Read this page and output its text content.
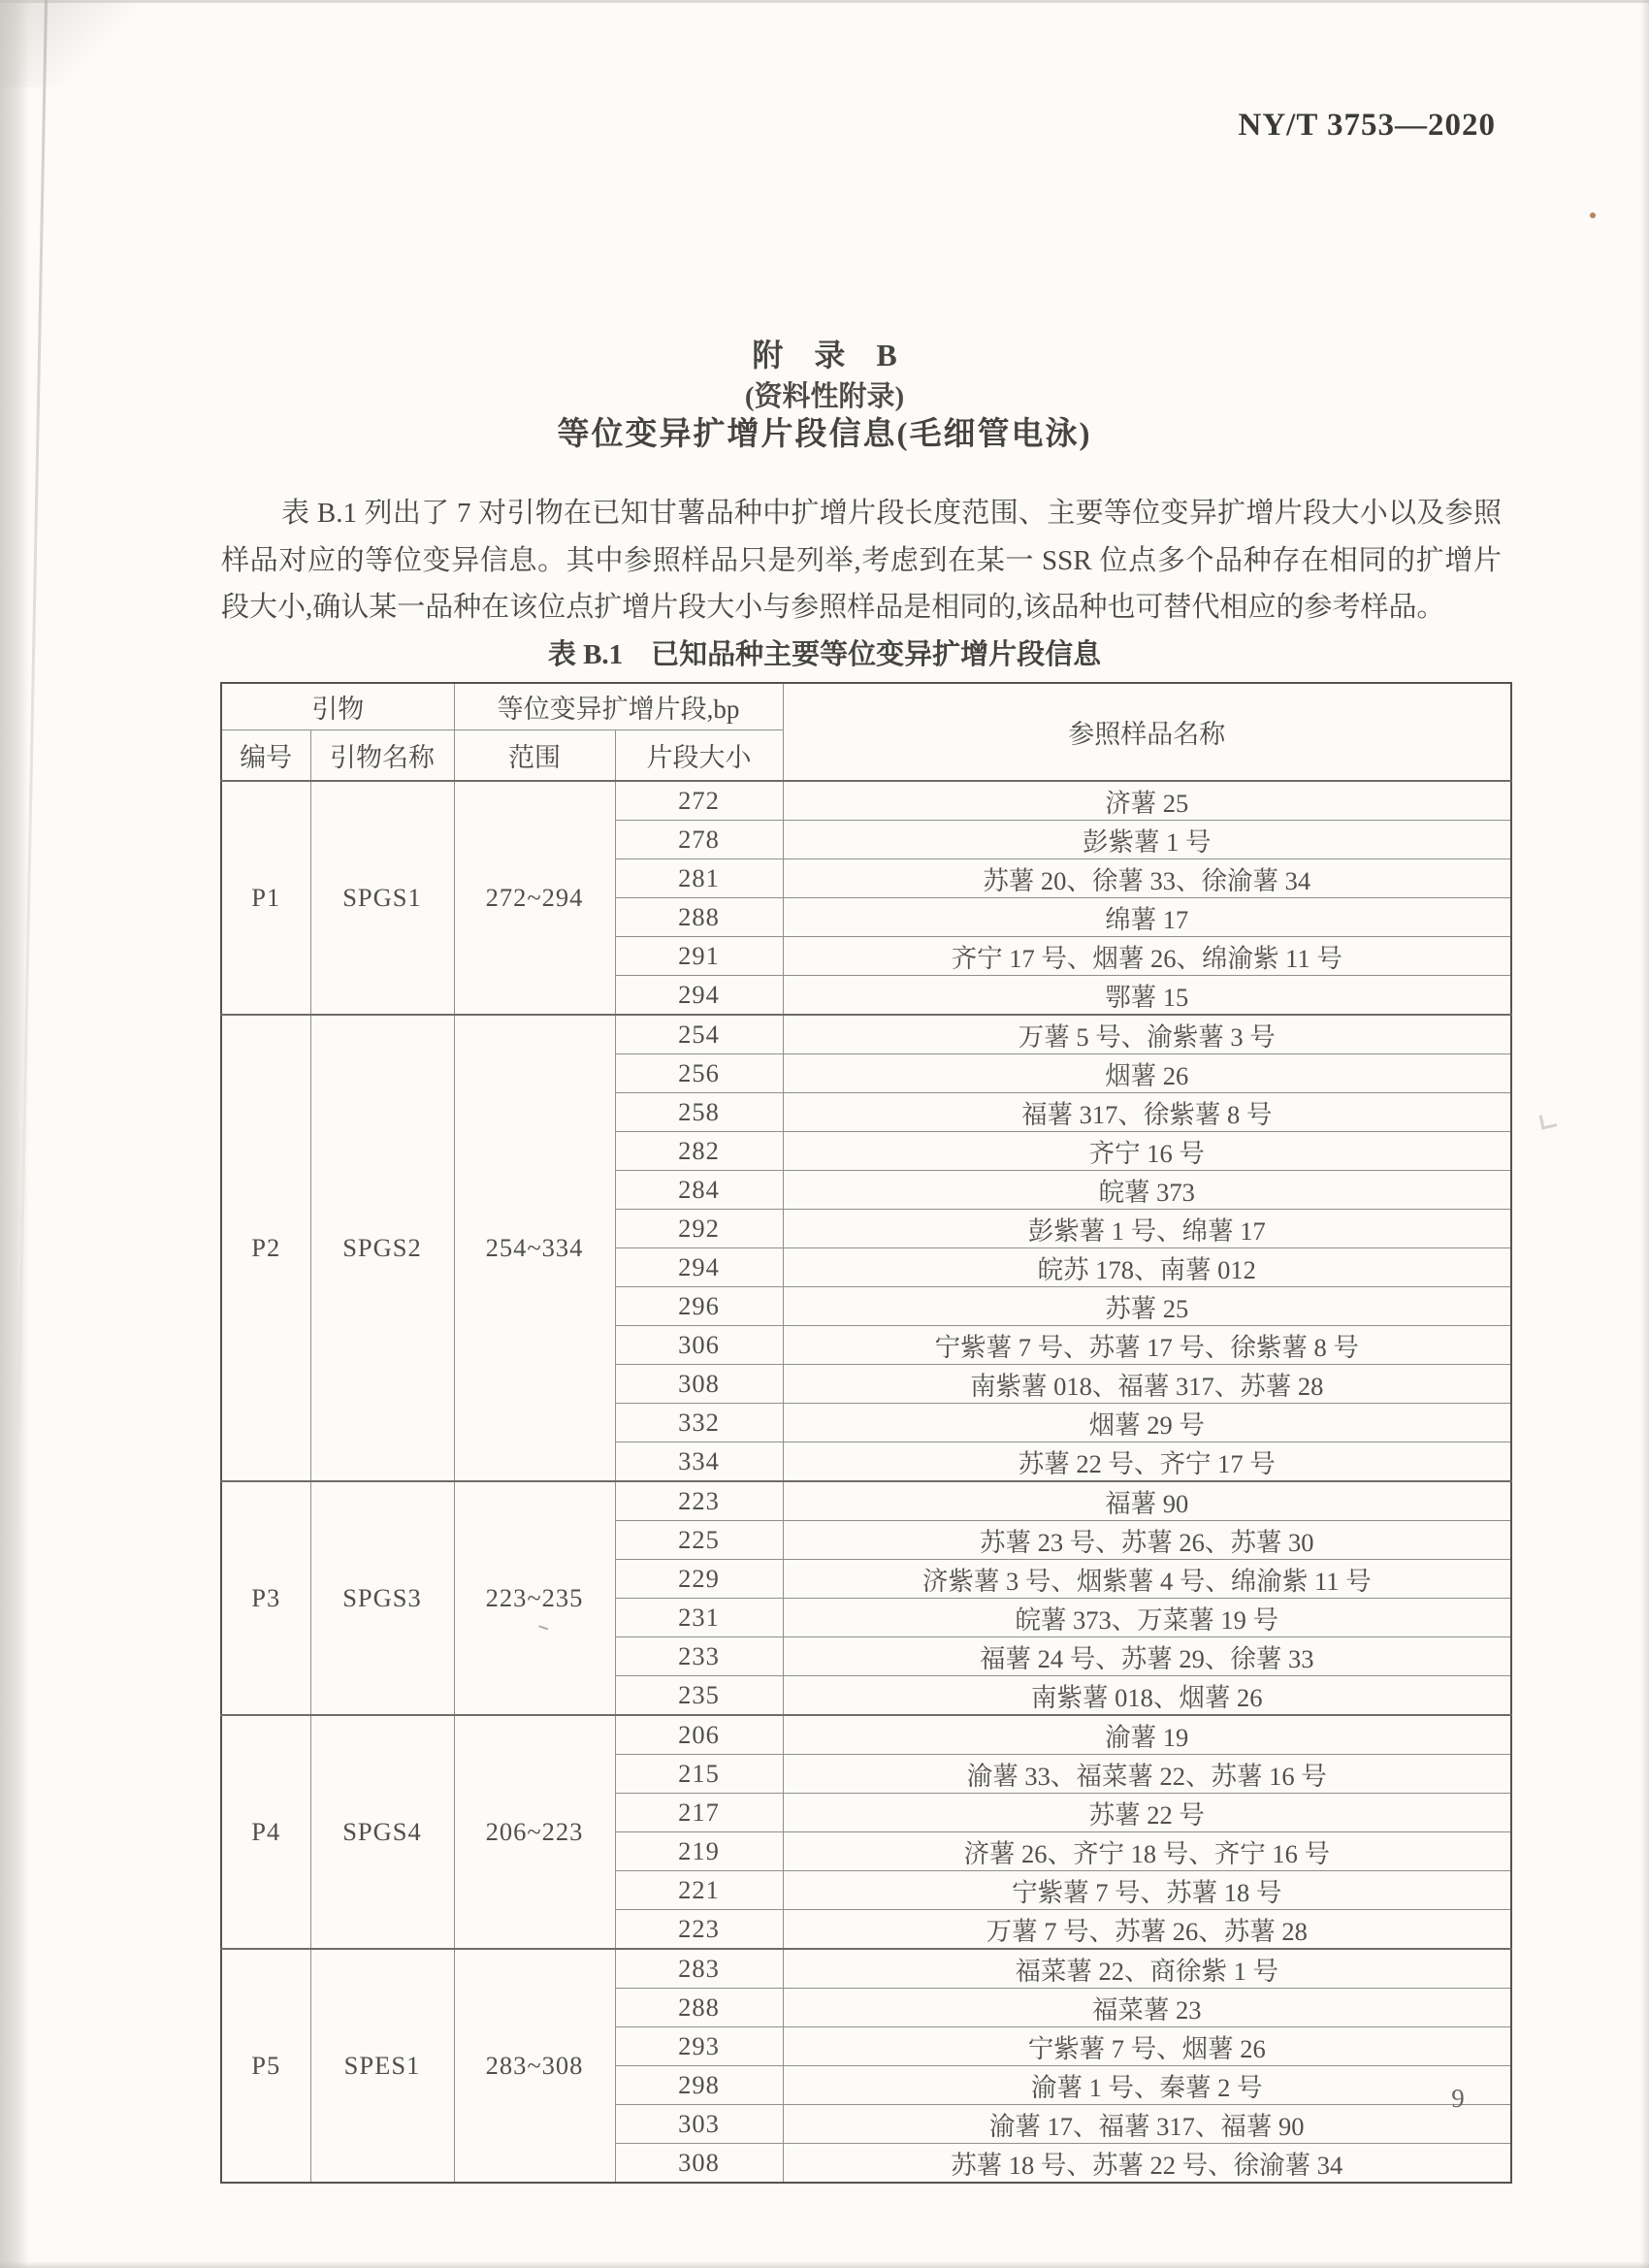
NY/T 3753—2020
附　录　B
(资料性附录)
等位变异扩增片段信息(毛细管电泳)

表 B.1 列出了 7 对引物在已知甘薯品种中扩增片段长度范围、主要等位变异扩增片段大小以及参照样品对应的等位变异信息。其中参照样品只是列举,考虑到在某一 SSR 位点多个品种存在相同的扩增片段大小,确认某一品种在该位点扩增片段大小与参照样品是相同的,该品种也可替代相应的参考样品。

表 B.1　已知品种主要等位变异扩增片段信息
引物		等位变异扩增片段,bp		参照样品名称
编号	引物名称	范围	片段大小	
P1	SPGS1	272~294	272	济薯 25
			278	彭紫薯 1 号
			281	苏薯 20、徐薯 33、徐渝薯 34
			288	绵薯 17
			291	齐宁 17 号、烟薯 26、绵渝紫 11 号
			294	鄂薯 15
P2	SPGS2	254~334	254	万薯 5 号、渝紫薯 3 号
			256	烟薯 26
			258	福薯 317、徐紫薯 8 号
			282	齐宁 16 号
			284	皖薯 373
			292	彭紫薯 1 号、绵薯 17
			294	皖苏 178、南薯 012
			296	苏薯 25
			306	宁紫薯 7 号、苏薯 17 号、徐紫薯 8 号
			308	南紫薯 018、福薯 317、苏薯 28
			332	烟薯 29 号
			334	苏薯 22 号、齐宁 17 号
P3	SPGS3	223~235	223	福薯 90
			225	苏薯 23 号、苏薯 26、苏薯 30
			229	济紫薯 3 号、烟紫薯 4 号、绵渝紫 11 号
			231	皖薯 373、万菜薯 19 号
			233	福薯 24 号、苏薯 29、徐薯 33
			235	南紫薯 018、烟薯 26
P4	SPGS4	206~223	206	渝薯 19
			215	渝薯 33、福菜薯 22、苏薯 16 号
			217	苏薯 22 号
			219	济薯 26、齐宁 18 号、齐宁 16 号
			221	宁紫薯 7 号、苏薯 18 号
			223	万薯 7 号、苏薯 26、苏薯 28
P5	SPES1	283~308	283	福菜薯 22、商徐紫 1 号
			288	福菜薯 23
			293	宁紫薯 7 号、烟薯 26
			298	渝薯 1 号、秦薯 2 号
			303	渝薯 17、福薯 317、福薯 90
			308	苏薯 18 号、苏薯 22 号、徐渝薯 34
9
